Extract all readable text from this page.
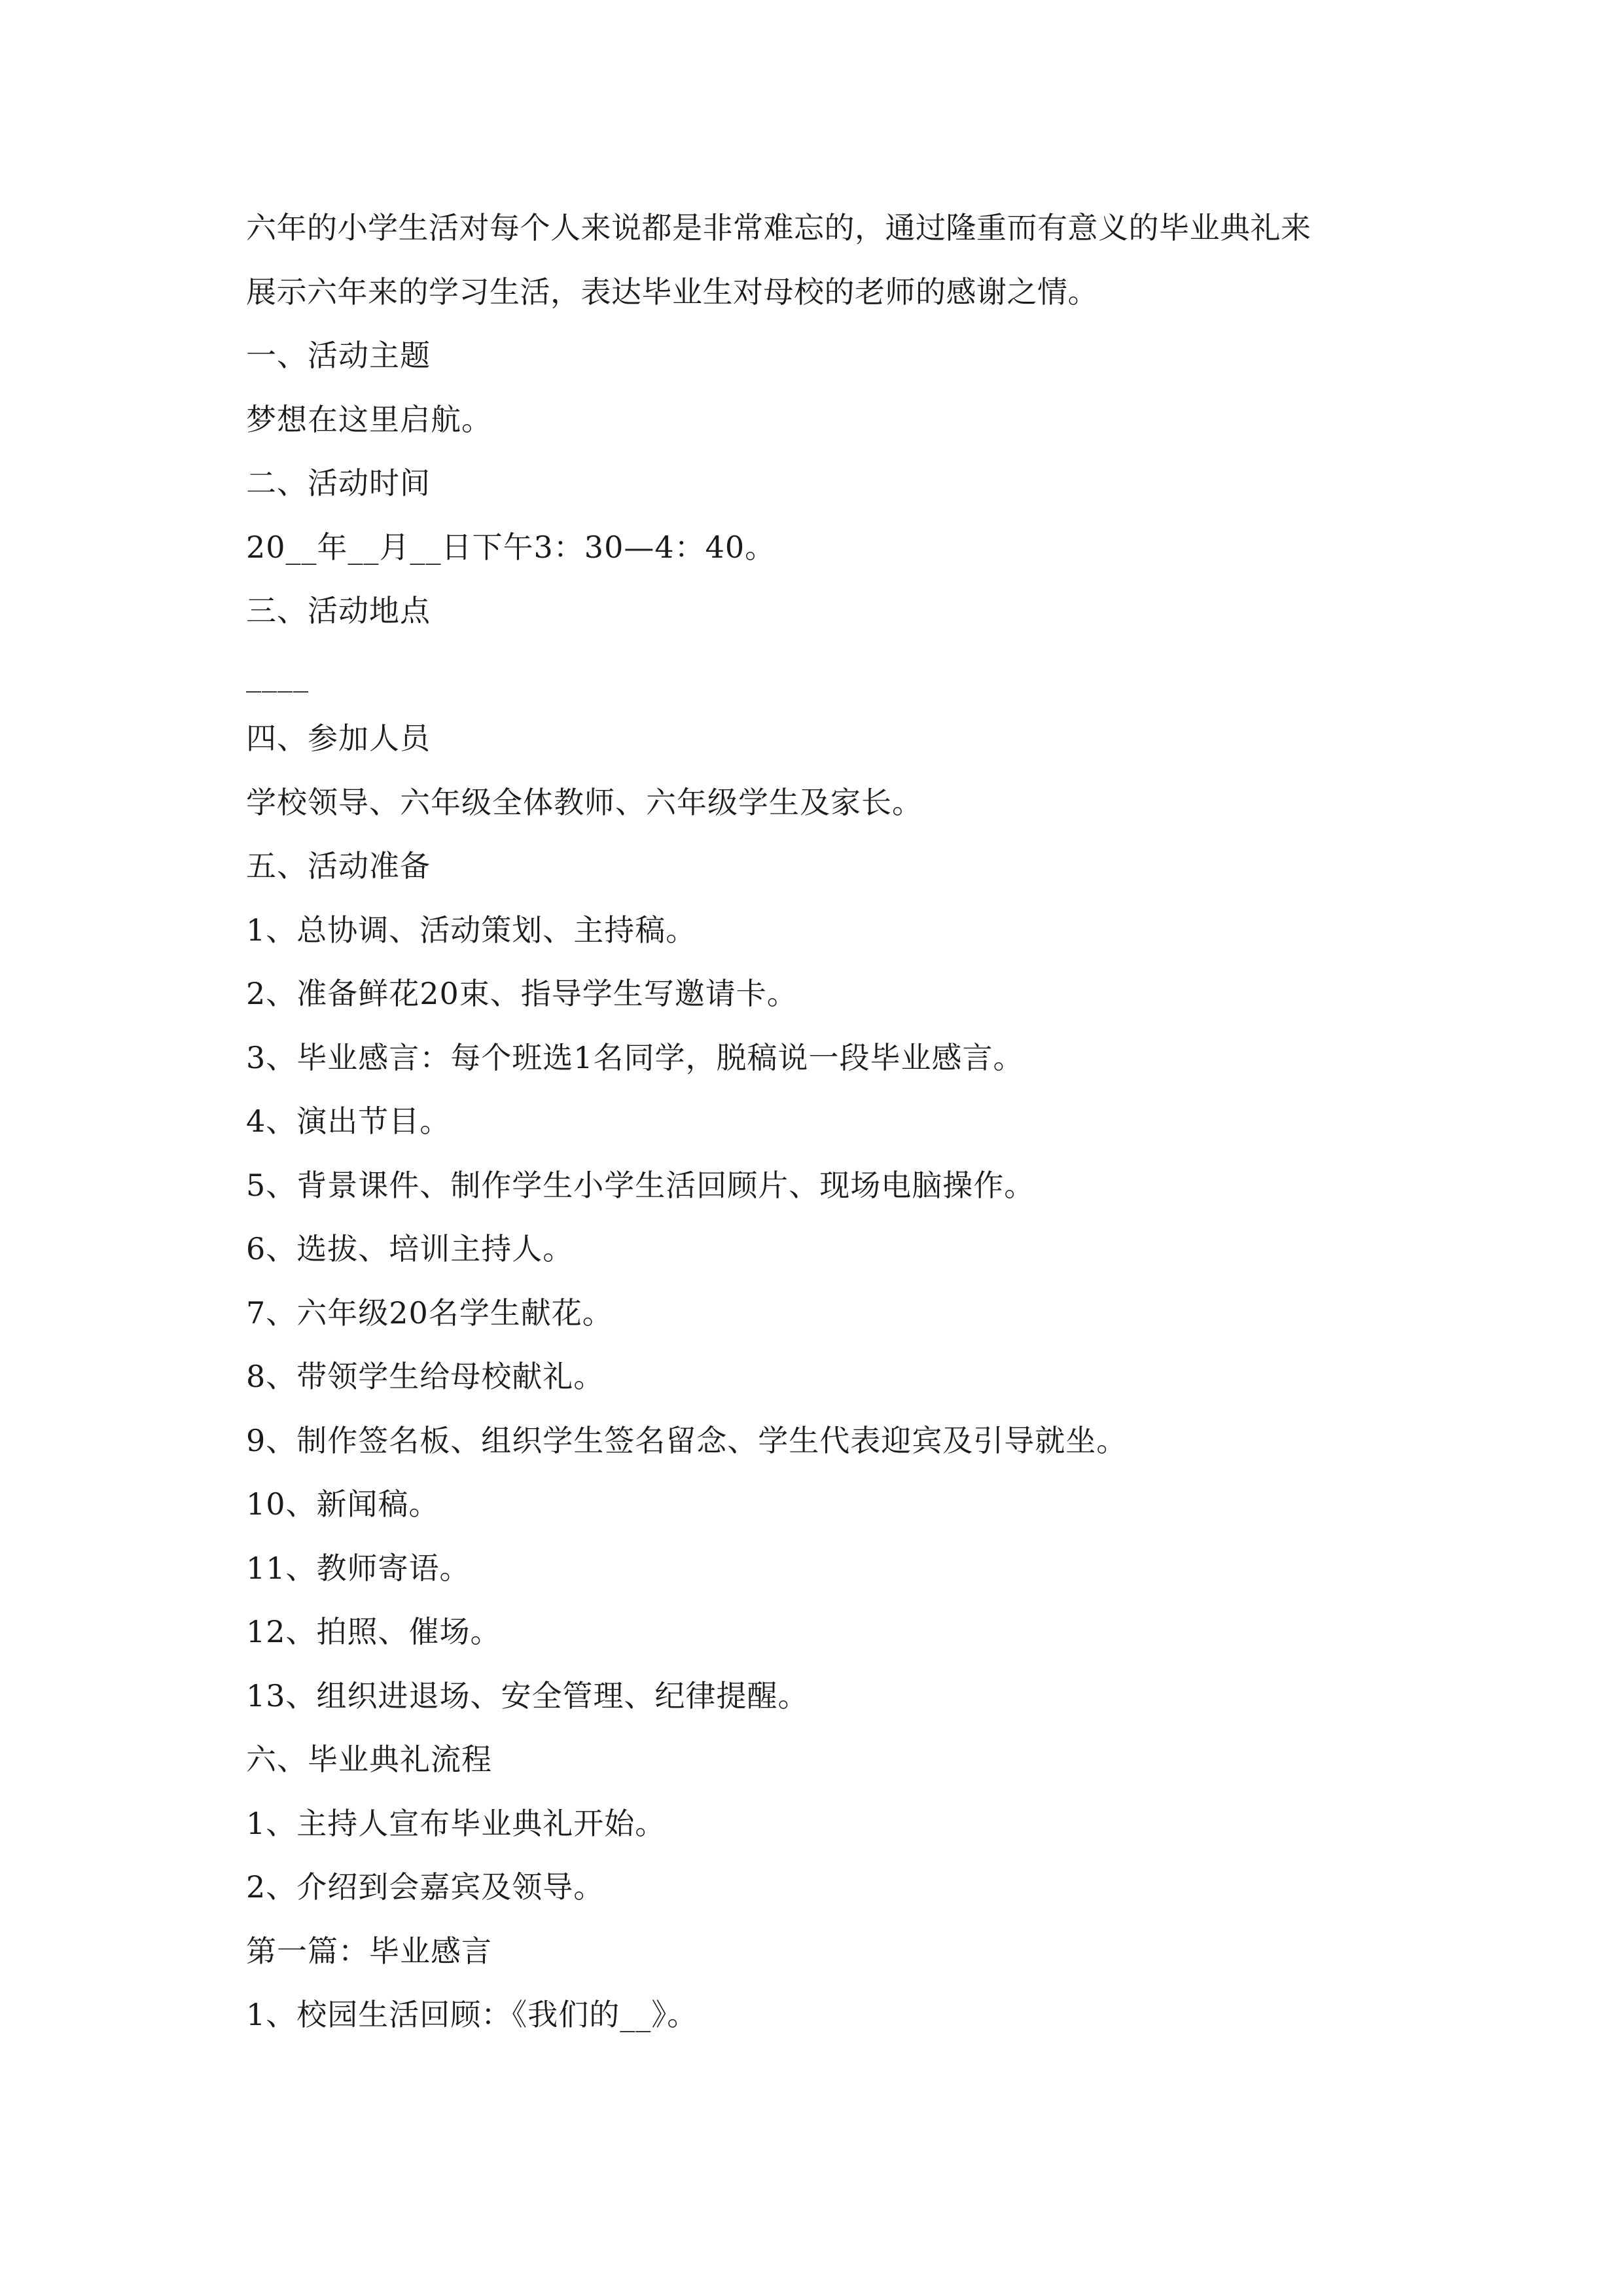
六年的小学生活对每个人来说都是非常难忘的，通过隆重而有意义的毕业典礼来
展示六年来的学习生活，表达毕业生对母校的老师的感谢之情。
一、活动主题
梦想在这里启航。
二、活动时间
20__年__月__日下午3：30—4：40。
三、活动地点
____
四、参加人员
学校领导、六年级全体教师、六年级学生及家长。
五、活动准备
1、总协调、活动策划、主持稿。
2、准备鲜花20束、指导学生写邀请卡。
3、毕业感言：每个班选1名同学，脱稿说一段毕业感言。
4、演出节目。
5、背景课件、制作学生小学生活回顾片、现场电脑操作。
6、选拔、培训主持人。
7、六年级20名学生献花。
8、带领学生给母校献礼。
9、制作签名板、组织学生签名留念、学生代表迎宾及引导就坐。
10、新闻稿。
11、教师寄语。
12、拍照、催场。
13、组织进退场、安全管理、纪律提醒。
六、毕业典礼流程
1、主持人宣布毕业典礼开始。
2、介绍到会嘉宾及领导。
第一篇：毕业感言
1、校园生活回顾：《我们的__》。
